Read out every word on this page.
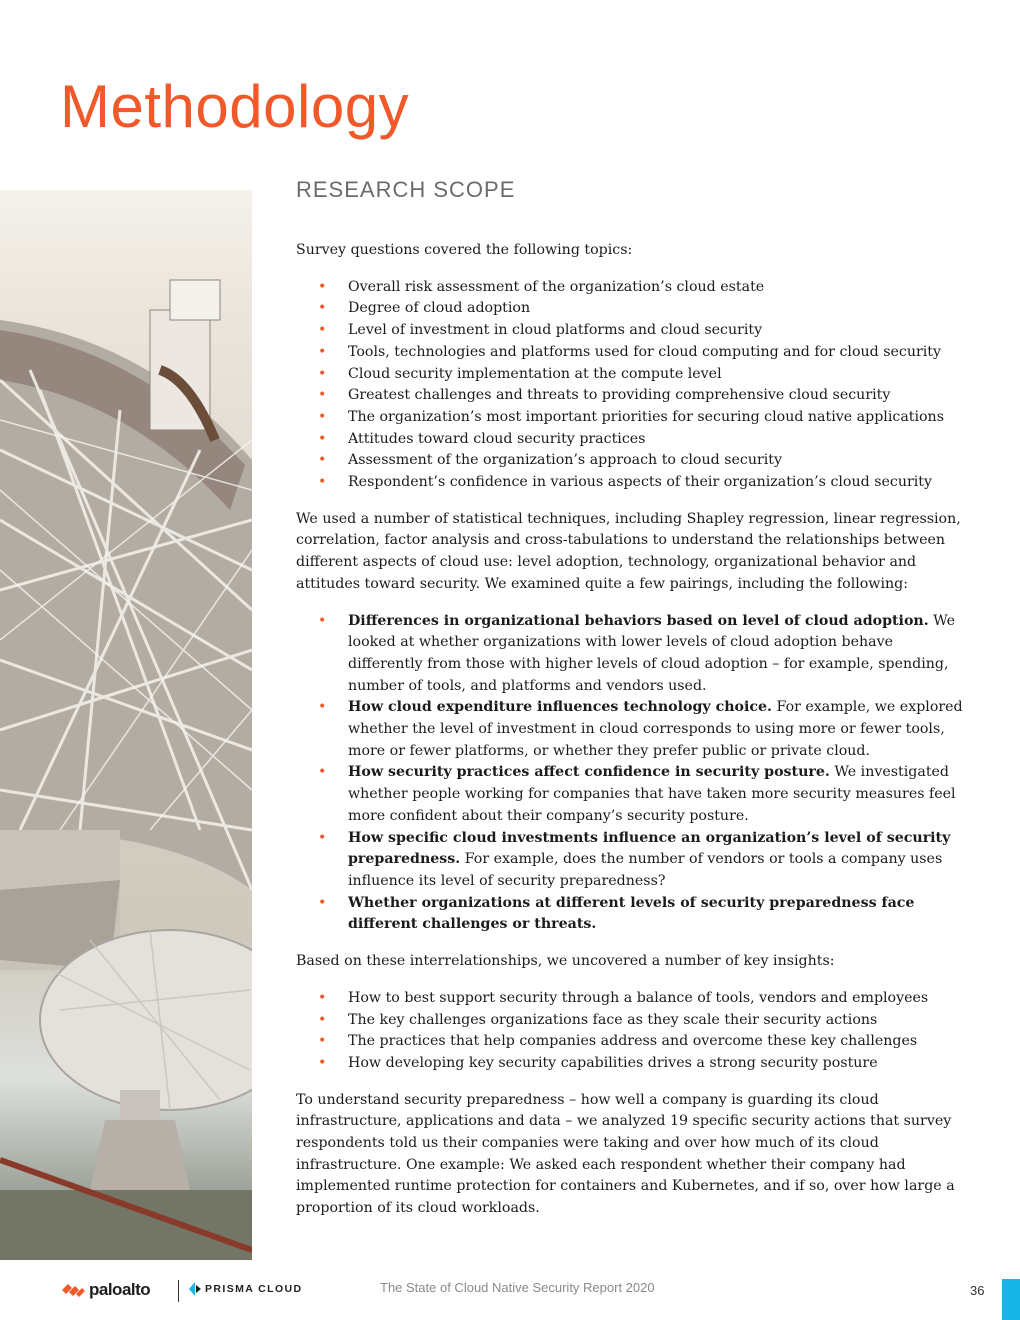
Methodology
RESEARCH SCOPE

Survey questions covered the following topics:

• Overall risk assessment of the organization’s cloud estate
• Degree of cloud adoption
• Level of investment in cloud platforms and cloud security
• Tools, technologies and platforms used for cloud computing and for cloud security
• Cloud security implementation at the compute level
• Greatest challenges and threats to providing comprehensive cloud security
• The organization’s most important priorities for securing cloud native applications
• Attitudes toward cloud security practices
• Assessment of the organization’s approach to cloud security
• Respondent’s confidence in various aspects of their organization’s cloud security

We used a number of statistical techniques, including Shapley regression, linear regression, correlation, factor analysis and cross-tabulations to understand the relationships between different aspects of cloud use: level adoption, technology, organizational behavior and attitudes toward security. We examined quite a few pairings, including the following:

• Differences in organizational behaviors based on level of cloud adoption. We looked at whether organizations with lower levels of cloud adoption behave differently from those with higher levels of cloud adoption – for example, spending, number of tools, and platforms and vendors used.
• How cloud expenditure influences technology choice. For example, we explored whether the level of investment in cloud corresponds to using more or fewer tools, more or fewer platforms, or whether they prefer public or private cloud.
• How security practices affect confidence in security posture. We investigated whether people working for companies that have taken more security measures feel more confident about their company’s security posture.
• How specific cloud investments influence an organization’s level of security preparedness. For example, does the number of vendors or tools a company uses influence its level of security preparedness?
• Whether organizations at different levels of security preparedness face different challenges or threats.

Based on these interrelationships, we uncovered a number of key insights:

• How to best support security through a balance of tools, vendors and employees
• The key challenges organizations face as they scale their security actions
• The practices that help companies address and overcome these key challenges
• How developing key security capabilities drives a strong security posture

To understand security preparedness – how well a company is guarding its cloud infrastructure, applications and data – we analyzed 19 specific security actions that survey respondents told us their companies were taking and over how much of its cloud infrastructure. One example: We asked each respondent whether their company had implemented runtime protection for containers and Kubernetes, and if so, over how large a proportion of its cloud workloads.

paloalto	PRISMA CLOUD	The State of Cloud Native Security Report 2020	36
